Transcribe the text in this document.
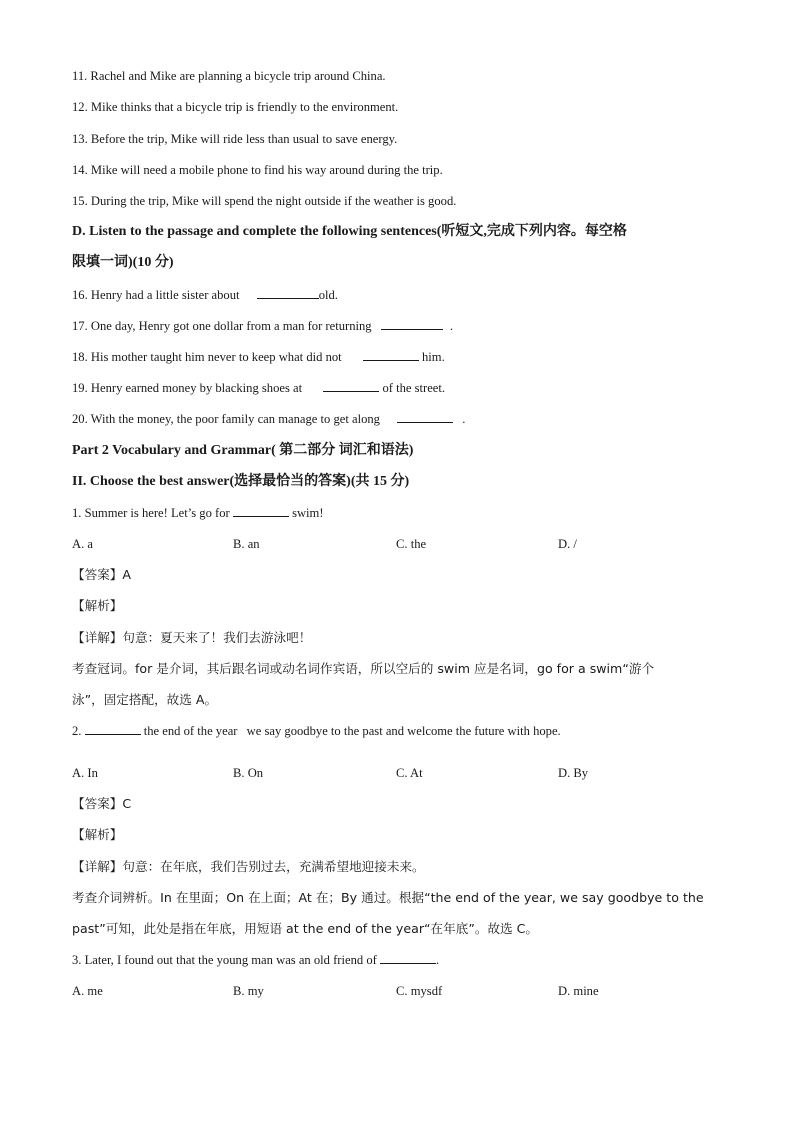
11. Rachel and Mike are planning a bicycle trip around China.
12. Mike thinks that a bicycle trip is friendly to the environment.
13. Before the trip, Mike will ride less than usual to save energy.
14. Mike will need a mobile phone to find his way around during the trip.
15. During the trip, Mike will spend the night outside if the weather is good.
D. Listen to the passage and complete the following sentences(听短文,完成下列内容。每空格
限填一词)(10 分)
16. Henry had a little sister about	old.
17. One day, Henry got one dollar from a man for returning	.
18. His mother taught him never to keep what did not	him.
19. Henry earned money by blacking shoes at	of the street.
20. With the money, the poor family can manage to get along	.
Part 2 Vocabulary and Grammar( 第二部分 词汇和语法)
II. Choose the best answer(选择最恰当的答案)(共 15 分)
1. Summer is here! Let’s go for	swim!
A. a	B. an	C. the	D. /
【答案】A
【解析】
【详解】句意：夏天来了！我们去游泳吧！
考查冠词。for 是介词，其后跟名词或动名词作宾语，所以空后的 swim 应是名词，go for a swim“游个
泳”，固定搭配，故选 A。
2.	the end of the year we say goodbye to the past and welcome the future with hope.
A. In	B. On	C. At	D. By
【答案】C
【解析】
【详解】句意：在年底，我们告别过去，充满希望地迎接未来。
考查介词辨析。In 在里面；On 在上面；At 在；By 通过。根据“the end of the year, we say goodbye to the
past”可知，此处是指在年底，用短语 at the end of the year“在年底”。故选 C。
3. Later, I found out that the young man was an old friend of	.
A. me	B. my	C. mysdf	D. mine
